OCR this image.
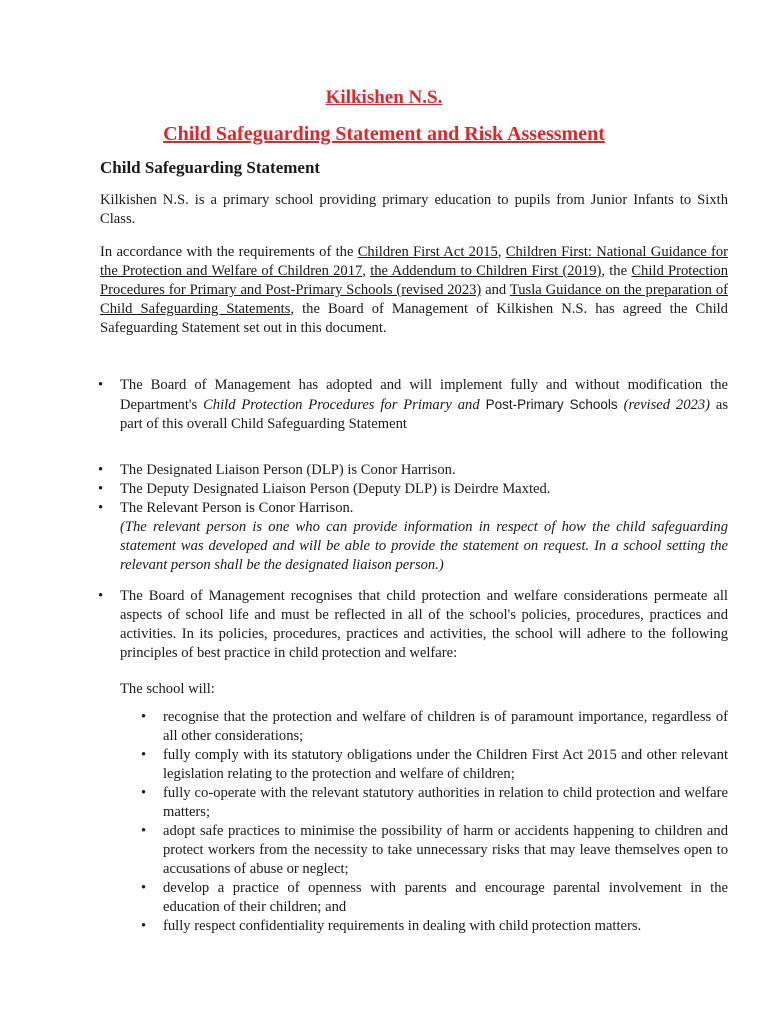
Kilkishen N.S.
Child Safeguarding Statement and Risk Assessment
Child Safeguarding Statement
Kilkishen N.S. is a primary school providing primary education to pupils from Junior Infants to Sixth Class.
In accordance with the requirements of the Children First Act 2015, Children First: National Guidance for the Protection and Welfare of Children 2017, the Addendum to Children First (2019), the Child Protection Procedures for Primary and Post-Primary Schools (revised 2023) and Tusla Guidance on the preparation of Child Safeguarding Statements, the Board of Management of Kilkishen N.S. has agreed the Child Safeguarding Statement set out in this document.
• The Board of Management has adopted and will implement fully and without modification the Department's Child Protection Procedures for Primary and Post-Primary Schools (revised 2023) as part of this overall Child Safeguarding Statement
• The Designated Liaison Person (DLP) is Conor Harrison.
• The Deputy Designated Liaison Person (Deputy DLP) is Deirdre Maxted.
• The Relevant Person is Conor Harrison.
(The relevant person is one who can provide information in respect of how the child safeguarding statement was developed and will be able to provide the statement on request. In a school setting the relevant person shall be the designated liaison person.)
• The Board of Management recognises that child protection and welfare considerations permeate all aspects of school life and must be reflected in all of the school's policies, procedures, practices and activities. In its policies, procedures, practices and activities, the school will adhere to the following principles of best practice in child protection and welfare:
The school will:
• recognise that the protection and welfare of children is of paramount importance, regardless of all other considerations;
• fully comply with its statutory obligations under the Children First Act 2015 and other relevant legislation relating to the protection and welfare of children;
• fully co-operate with the relevant statutory authorities in relation to child protection and welfare matters;
• adopt safe practices to minimise the possibility of harm or accidents happening to children and protect workers from the necessity to take unnecessary risks that may leave themselves open to accusations of abuse or neglect;
• develop a practice of openness with parents and encourage parental involvement in the education of their children; and
• fully respect confidentiality requirements in dealing with child protection matters.
